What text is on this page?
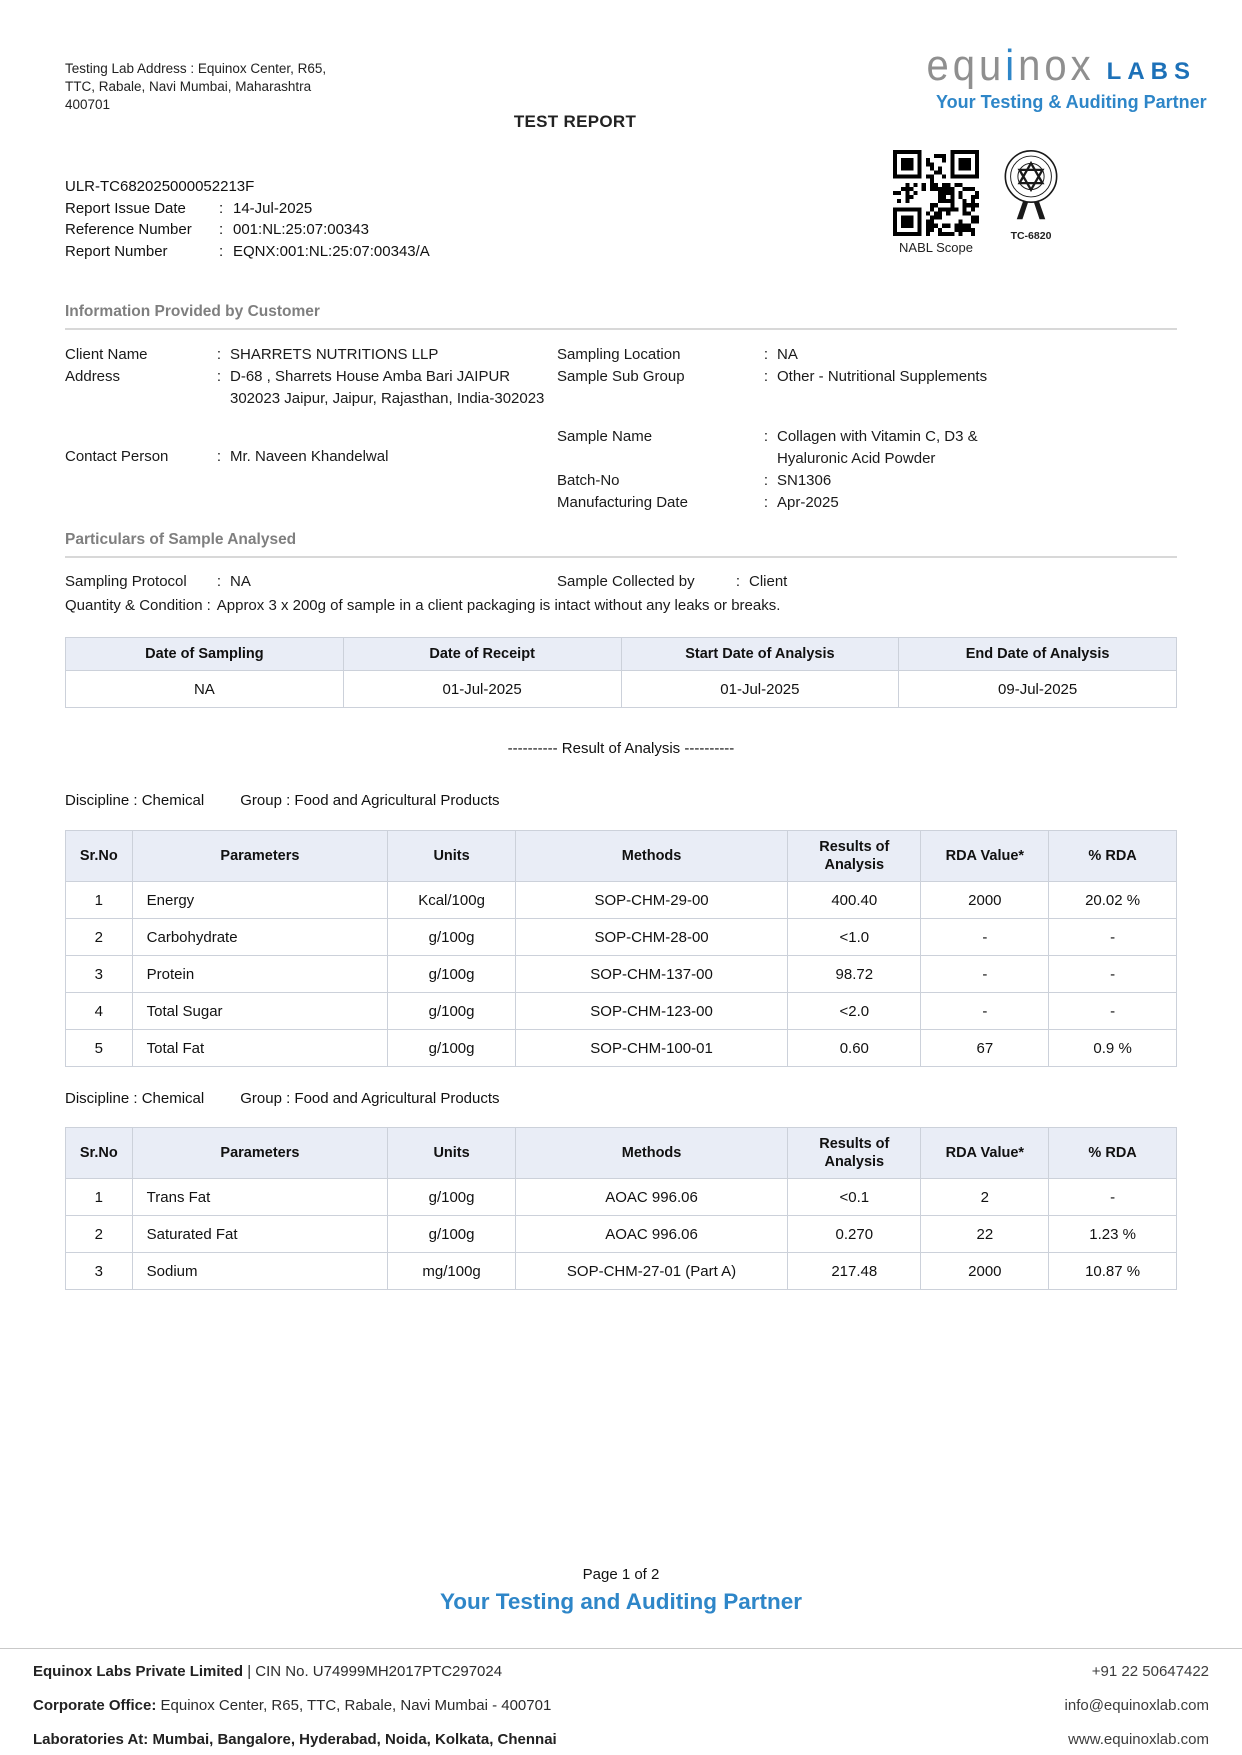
Testing Lab Address : Equinox Center, R65, TTC, Rabale, Navi Mumbai, Maharashtra 400701
TEST REPORT
equinox LABS
Your Testing & Auditing Partner
NABL Scope
TC-6820
ULR-TC682025000052213F
Report Issue Date : 14-Jul-2025
Reference Number : 001:NL:25:07:00343
Report Number	: EQNX:001:NL:25:07:00343/A
Information Provided by Customer
Client Name	: SHARRETS NUTRITIONS LLP
Address	: D-68 , Sharrets House Amba Bari JAIPUR 302023 Jaipur, Jaipur, Rajasthan, India-302023
Contact Person	: Mr. Naveen Khandelwal
Sampling Location	: NA
Sample Sub Group	: Other - Nutritional Supplements
Sample Name	: Collagen with Vitamin C, D3 & Hyaluronic Acid Powder
Batch-No	: SN1306
Manufacturing Date	: Apr-2025
Particulars of Sample Analysed
Sampling Protocol	: NA	Sample Collected by	: Client
Quantity & Condition : Approx 3 x 200g of sample in a client packaging is intact without any leaks or breaks.
Date of Sampling	Date of Receipt	Start Date of Analysis	End Date of Analysis
NA	01-Jul-2025	01-Jul-2025	09-Jul-2025
---------- Result of Analysis ----------
Discipline : Chemical Group : Food and Agricultural Products
Sr.No	Parameters	Units	Methods	Results of Analysis	RDA Value*	% RDA
1	Energy	Kcal/100g	SOP-CHM-29-00	400.40	2000	20.02 %
2	Carbohydrate	g/100g	SOP-CHM-28-00	<1.0	-	-
3	Protein	g/100g	SOP-CHM-137-00	98.72	-	-
4	Total Sugar	g/100g	SOP-CHM-123-00	<2.0	-	-
5	Total Fat	g/100g	SOP-CHM-100-01	0.60	67	0.9 %
Discipline : Chemical Group : Food and Agricultural Products
Sr.No	Parameters	Units	Methods	Results of Analysis	RDA Value*	% RDA
1	Trans Fat	g/100g	AOAC 996.06	<0.1	2	-
2	Saturated Fat	g/100g	AOAC 996.06	0.270	22	1.23 %
3	Sodium	mg/100g	SOP-CHM-27-01 (Part A)	217.48	2000	10.87 %
Page 1 of 2
Your Testing and Auditing Partner
Equinox Labs Private Limited | CIN No. U74999MH2017PTC297024	+91 22 50647422
Corporate Office: Equinox Center, R65, TTC, Rabale, Navi Mumbai - 400701	info@equinoxlab.com
Laboratories At: Mumbai, Bangalore, Hyderabad, Noida, Kolkata, Chennai	www.equinoxlab.com
